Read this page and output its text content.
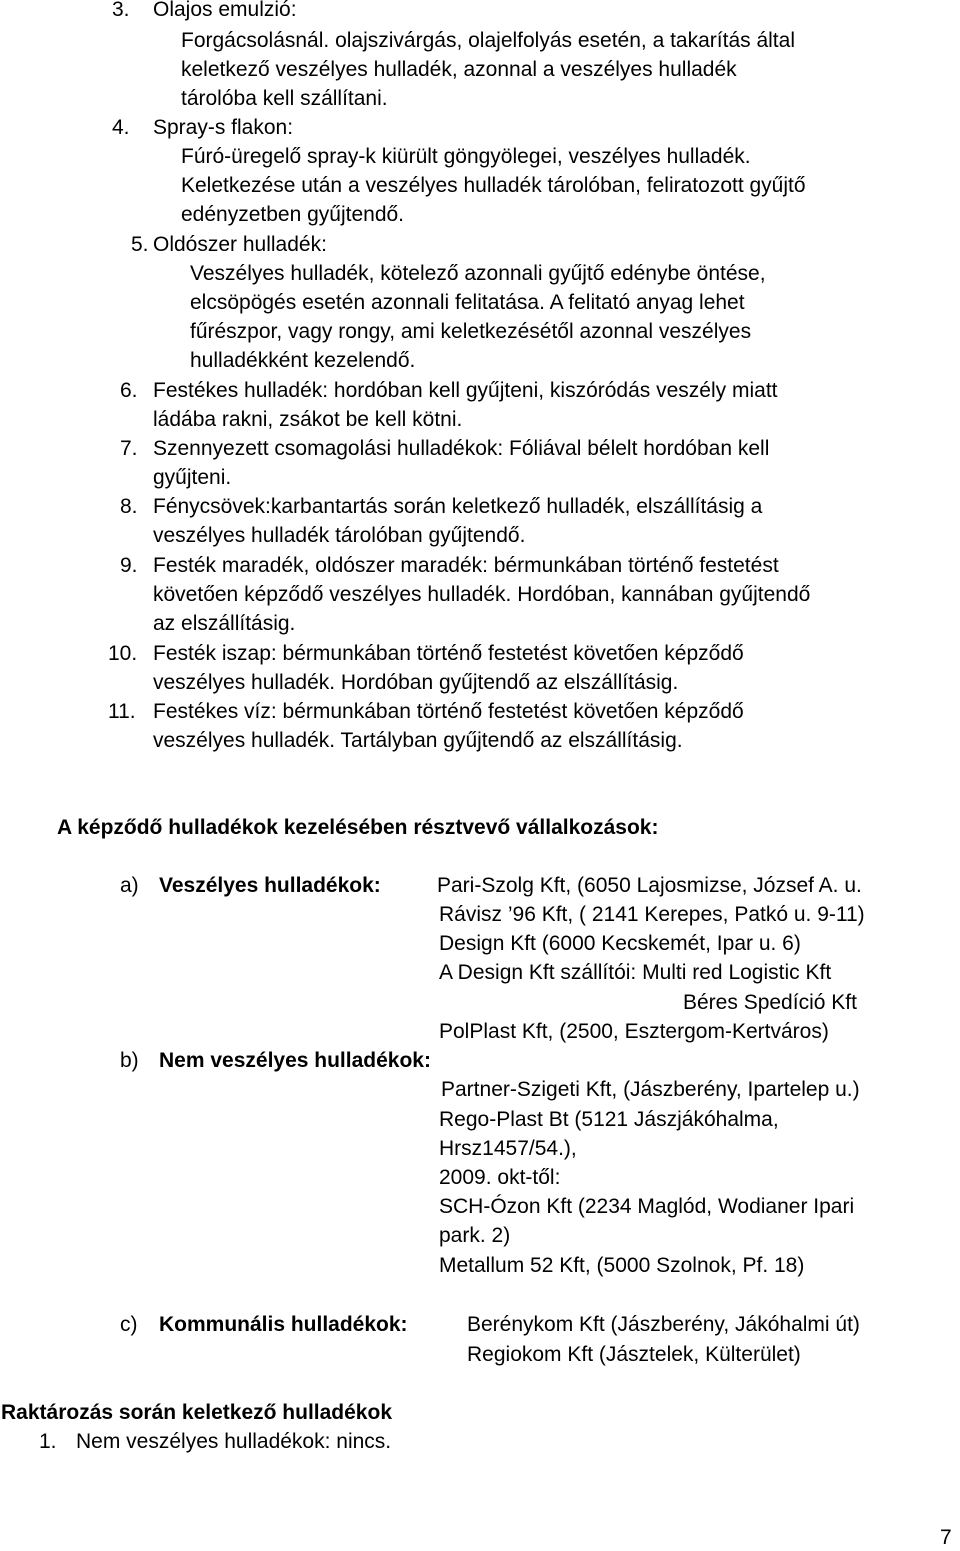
3. Olajos emulzió:
Forgácsolásnál. olajszivárgás, olajelfolyás esetén, a takarítás által
keletkező veszélyes hulladék, azonnal a veszélyes hulladék
tárolóba kell szállítani.
4. Spray-s flakon:
Fúró-üregelő spray-k kiürült göngyölegei, veszélyes hulladék.
Keletkezése után a veszélyes hulladék tárolóban, feliratozott gyűjtő
edényzetben gyűjtendő.
5. Oldószer hulladék:
Veszélyes hulladék, kötelező azonnali gyűjtő edénybe öntése,
elcsöpögés esetén azonnali felitatása. A felitató anyag lehet
fűrészpor, vagy rongy, ami keletkezésétől azonnal veszélyes
hulladékként kezelendő.
6. Festékes hulladék: hordóban kell gyűjteni, kiszóródás veszély miatt
ládába rakni, zsákot be kell kötni.
7. Szennyezett csomagolási hulladékok: Fóliával bélelt hordóban kell
gyűjteni.
8. Fénycsövek:karbantartás során keletkező hulladék, elszállításig a
veszélyes hulladék tárolóban gyűjtendő.
9. Festék maradék, oldószer maradék: bérmunkában történő festetést
követően képződő veszélyes hulladék. Hordóban, kannában gyűjtendő
az elszállításig.
10. Festék iszap: bérmunkában történő festetést követően képződő
veszélyes hulladék. Hordóban gyűjtendő az elszállításig.
11. Festékes víz: bérmunkában történő festetést követően képződő
veszélyes hulladék. Tartályban gyűjtendő az elszállításig.
A képződő hulladékok kezelésében résztvevő vállalkozások:
a) Veszélyes hulladékok:	Pari-Szolg Kft, (6050 Lajosmizse, József A. u.
Rávisz ’96 Kft, ( 2141 Kerepes, Patkó u. 9-11)
Design Kft (6000 Kecskemét, Ipar u. 6)
A Design Kft szállítói: Multi red Logistic Kft
Béres Spedíció Kft
PolPlast Kft, (2500, Esztergom-Kertváros)
b) Nem veszélyes hulladékok:
Partner-Szigeti Kft, (Jászberény, Ipartelep u.)
Rego-Plast Bt (5121 Jászjákóhalma,
Hrsz1457/54.),
2009. okt-től:
SCH-Ózon Kft (2234 Maglód, Wodianer Ipari
park. 2)
Metallum 52 Kft, (5000 Szolnok, Pf. 18)
c) Kommunális hulladékok:	Berénykom Kft (Jászberény, Jákóhalmi út)
Regiokom Kft (Jásztelek, Külterület)
Raktározás során keletkező hulladékok
1. Nem veszélyes hulladékok: nincs.
7
